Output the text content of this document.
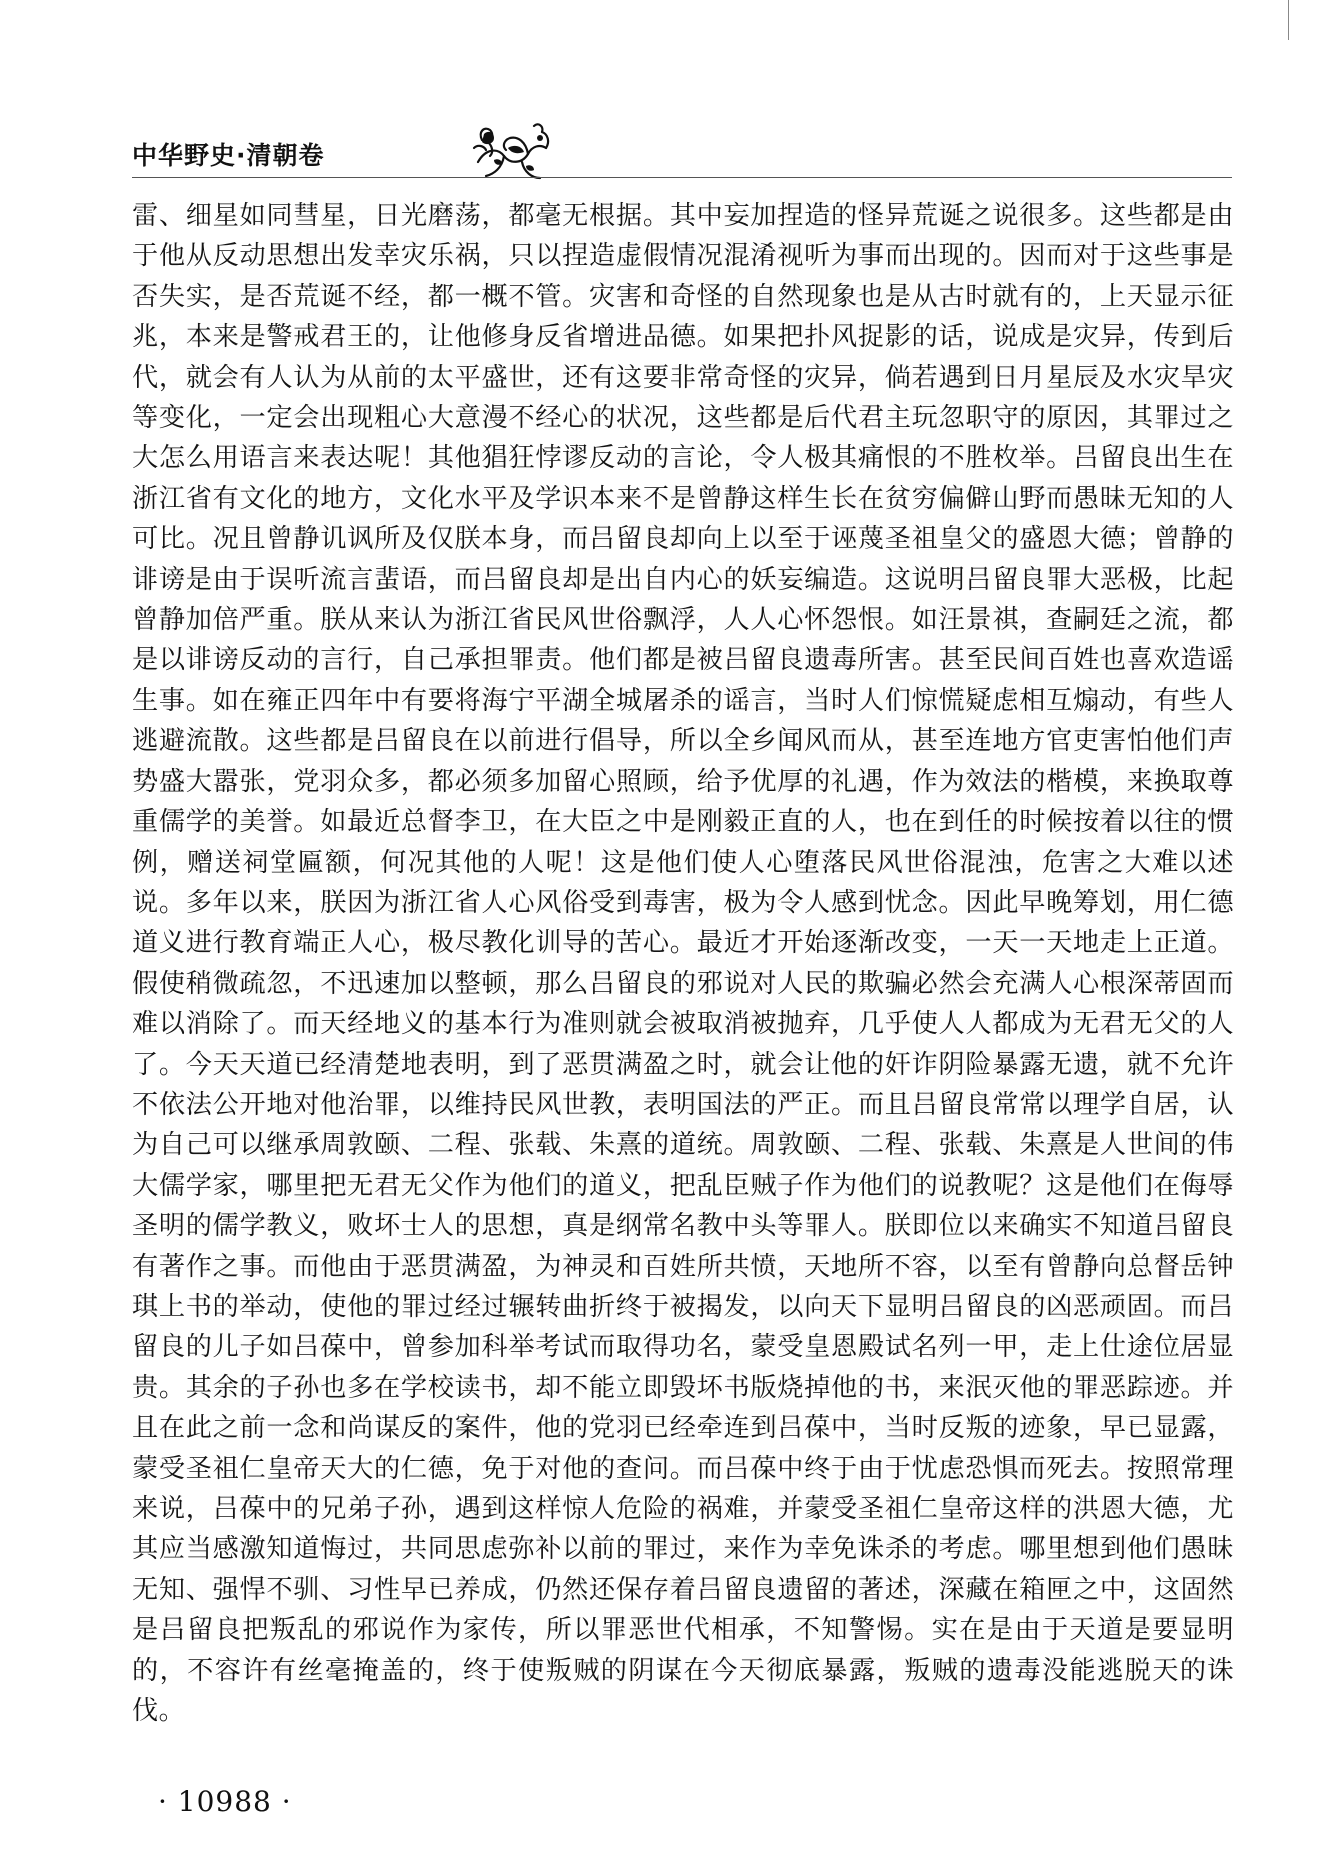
中华野史·清朝卷

雷、细星如同彗星，日光磨荡，都毫无根据。其中妄加捏造的怪异荒诞之说很多。这些都是由于他从反动思想出发幸灾乐祸，只以捏造虚假情况混淆视听为事而出现的。因而对于这些事是否失实，是否荒诞不经，都一概不管。灾害和奇怪的自然现象也是从古时就有的，上天显示征兆，本来是警戒君王的，让他修身反省增进品德。如果把扑风捉影的话，说成是灾异，传到后代，就会有人认为从前的太平盛世，还有这要非常奇怪的灾异，倘若遇到日月星辰及水灾旱灾等变化，一定会出现粗心大意漫不经心的状况，这些都是后代君主玩忽职守的原因，其罪过之大怎么用语言来表达呢！其他猖狂悖谬反动的言论，令人极其痛恨的不胜枚举。吕留良出生在浙江省有文化的地方，文化水平及学识本来不是曾静这样生长在贫穷偏僻山野而愚昧无知的人可比。况且曾静讥讽所及仅朕本身，而吕留良却向上以至于诬蔑圣祖皇父的盛恩大德；曾静的诽谤是由于误听流言蜚语，而吕留良却是出自内心的妖妄编造。这说明吕留良罪大恶极，比起曾静加倍严重。朕从来认为浙江省民风世俗飘浮，人人心怀怨恨。如汪景祺，查嗣廷之流，都是以诽谤反动的言行，自己承担罪责。他们都是被吕留良遗毒所害。甚至民间百姓也喜欢造谣生事。如在雍正四年中有要将海宁平湖全城屠杀的谣言，当时人们惊慌疑虑相互煽动，有些人逃避流散。这些都是吕留良在以前进行倡导，所以全乡闻风而从，甚至连地方官吏害怕他们声势盛大嚣张，党羽众多，都必须多加留心照顾，给予优厚的礼遇，作为效法的楷模，来换取尊重儒学的美誉。如最近总督李卫，在大臣之中是刚毅正直的人，也在到任的时候按着以往的惯例，赠送祠堂匾额，何况其他的人呢！这是他们使人心堕落民风世俗混浊，危害之大难以述说。多年以来，朕因为浙江省人心风俗受到毒害，极为令人感到忧念。因此早晚筹划，用仁德道义进行教育端正人心，极尽教化训导的苦心。最近才开始逐渐改变，一天一天地走上正道。假使稍微疏忽，不迅速加以整顿，那么吕留良的邪说对人民的欺骗必然会充满人心根深蒂固而难以消除了。而天经地义的基本行为准则就会被取消被抛弃，几乎使人人都成为无君无父的人了。今天天道已经清楚地表明，到了恶贯满盈之时，就会让他的奸诈阴险暴露无遗，就不允许不依法公开地对他治罪，以维持民风世教，表明国法的严正。而且吕留良常常以理学自居，认为自己可以继承周敦颐、二程、张载、朱熹的道统。周敦颐、二程、张载、朱熹是人世间的伟大儒学家，哪里把无君无父作为他们的道义，把乱臣贼子作为他们的说教呢？这是他们在侮辱圣明的儒学教义，败坏士人的思想，真是纲常名教中头等罪人。朕即位以来确实不知道吕留良有著作之事。而他由于恶贯满盈，为神灵和百姓所共愤，天地所不容，以至有曾静向总督岳钟琪上书的举动，使他的罪过经过辗转曲折终于被揭发，以向天下显明吕留良的凶恶顽固。而吕留良的儿子如吕葆中，曾参加科举考试而取得功名，蒙受皇恩殿试名列一甲，走上仕途位居显贵。其余的子孙也多在学校读书，却不能立即毁坏书版烧掉他的书，来泯灭他的罪恶踪迹。并且在此之前一念和尚谋反的案件，他的党羽已经牵连到吕葆中，当时反叛的迹象，早已显露，蒙受圣祖仁皇帝天大的仁德，免于对他的查问。而吕葆中终于由于忧虑恐惧而死去。按照常理来说，吕葆中的兄弟子孙，遇到这样惊人危险的祸难，并蒙受圣祖仁皇帝这样的洪恩大德，尤其应当感激知道悔过，共同思虑弥补以前的罪过，来作为幸免诛杀的考虑。哪里想到他们愚昧无知、强悍不驯、习性早已养成，仍然还保存着吕留良遗留的著述，深藏在箱匣之中，这固然是吕留良把叛乱的邪说作为家传，所以罪恶世代相承，不知警惕。实在是由于天道是要显明的，不容许有丝毫掩盖的，终于使叛贼的阴谋在今天彻底暴露，叛贼的遗毒没能逃脱天的诛伐。

· 10988 ·
